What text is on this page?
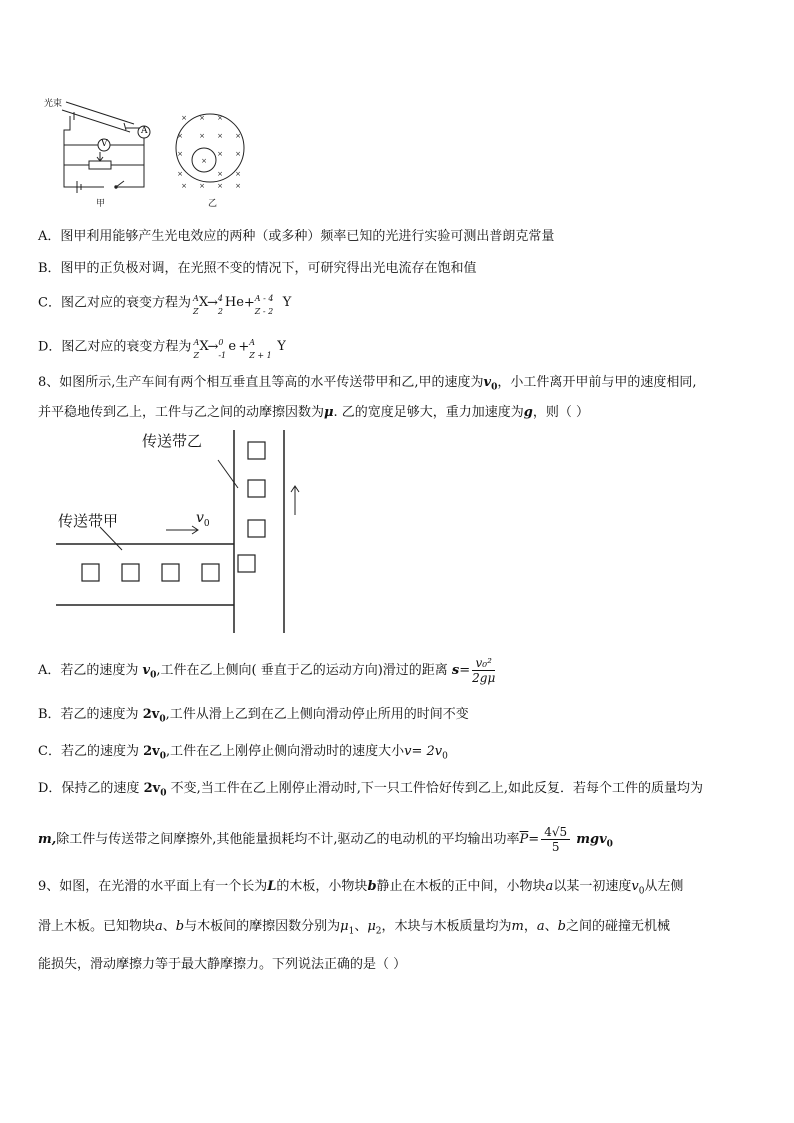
光束
A
V
甲
× × ×
× × × ×
×
×
× ×
×	× ×
× × × ×
乙
A．图甲利用能够产生光电效应的两种（或多种）频率已知的光进行实验可测出普朗克常量
B．图甲的正负极对调，在光照不变的情况下，可研究得出光电流存在饱和值
C．图乙对应的衰变方程为 A
Z
X
→ 4
2
He + A - 4
Z - 2
Y
D．图乙对应的衰变方程为 A
Z
X
→ 0
-1
e + A
Z + 1
Y
8、如图所示,生产车间有两个相互垂直且等高的水平传送带甲和乙,甲的速度为$v_0$，小工件离开甲前与甲的速度相同,
并平稳地传到乙上，工件与乙之间的动摩擦因数为μ. 乙的宽度足够大，重力加速度为g，则（ ）
传送带乙
传送带甲	$v_0$
A．若乙的速度为 $v_0$,工件在乙上侧向( 垂直于乙的运动方向)滑过的距离 $s= \frac{\text{v₀²}}{2g\mu}$
B．若乙的速度为 $2v_0$,工件从滑上乙到在乙上侧向滑动停止所用的时间不变
C．若乙的速度为 $2v_0$,工件在乙上刚停止侧向滑动时的速度大小$v= 2v_0$
D．保持乙的速度 $2v_0$ 不变,当工件在乙上刚停止滑动时,下一只工件恰好传到乙上,如此反复．若每个工件的质量均为
m,除工件与传送带之间摩擦外,其他能量损耗均不计,驱动乙的电动机的平均输出功率$\overline{P}= \frac{4√5}{5} mgv_0$
9、如图，在光滑的水平面上有一个长为L的木板，小物块b静止在木板的正中间，小物块a以某一初速度$v_0$从左侧
滑上木板。已知物块a、b与木板间的摩擦因数分别为$\mu_1$、$\mu_2$，木块与木板质量均为m，a、b之间的碰撞无机械
能损失，滑动摩擦力等于最大静摩擦力。下列说法正确的是（ ）
